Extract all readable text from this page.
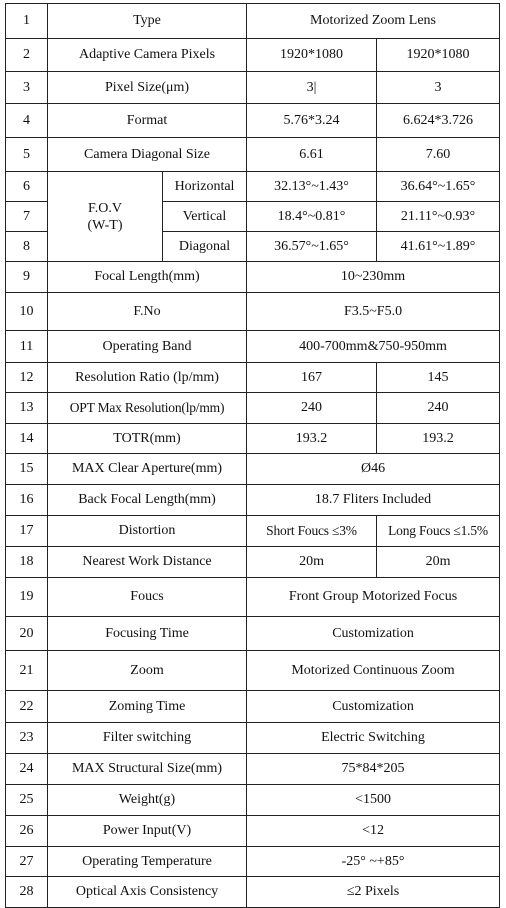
1	Type		Motorized Zoom Lens	
2	Adaptive Camera Pixels		1920*1080	1920*1080
3	Pixel Size(μm)		3|	3
4	Format		5.76*3.24	6.624*3.726
5	Camera Diagonal Size		6.61	7.60
6	F.O.V
(W-T)	Horizontal	32.13°~1.43°	36.64°~1.65°
7		Vertical	18.4°~0.81°	21.11°~0.93°
8		Diagonal	36.57°~1.65°	41.61°~1.89°
9	Focal Length(mm)		10~230mm	
10	F.No		F3.5~F5.0	
11	Operating Band		400-700mm&750-950mm	
12	Resolution Ratio (lp/mm)		167	145
13	OPT Max Resolution(lp/mm)		240	240
14	TOTR(mm)		193.2	193.2
15	MAX Clear Aperture(mm)		Ø46	
16	Back Focal Length(mm)		18.7 Fliters Included	
17	Distortion		Short Foucs ≤3%	Long Foucs ≤1.5%
18	Nearest Work Distance		20m	20m
19	Foucs		Front Group Motorized Focus	
20	Focusing Time		Customization	
21	Zoom		Motorized Continuous Zoom	
22	Zoming Time		Customization	
23	Filter switching		Electric Switching	
24	MAX Structural Size(mm)		75*84*205	
25	Weight(g)		<1500	
26	Power Input(V)		<12	
27	Operating Temperature		-25° ~+85°	
28	Optical Axis Consistency		≤2 Pixels	
